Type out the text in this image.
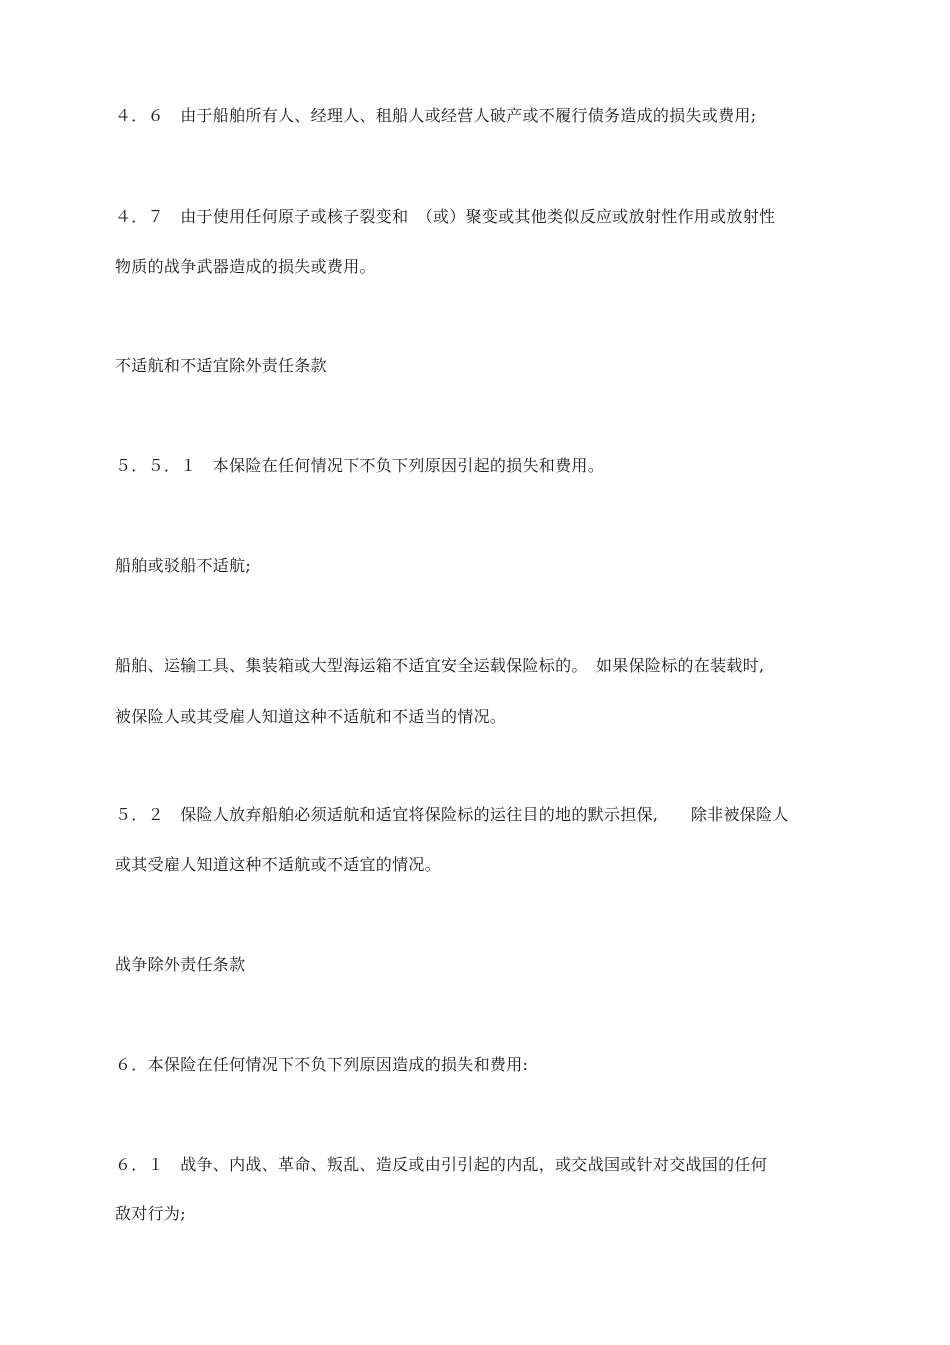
４．６　由于船舶所有人、经理人、租船人或经营人破产或不履行债务造成的损失或费用;
４．７　由于使用任何原子或核子裂变和　（或）聚变或其他类似反应或放射性作用或放射性
物质的战争武器造成的损失或费用。
不适航和不适宜除外责任条款
５．５．１　本保险在任何情况下不负下列原因引起的损失和费用。
船舶或驳船不适航;
船舶、运输工具、集装箱或大型海运箱不适宜安全运载保险标的。　如果保险标的在装载时,
被保险人或其受雇人知道这种不适航和不适当的情况。
５．２　保险人放弃船舶必须适航和适宜将保险标的运往目的地的默示担保,　　除非被保险人
或其受雇人知道这种不适航或不适宜的情况。
战争除外责任条款
６．本保险在任何情况下不负下列原因造成的损失和费用:
６．１　战争、内战、革命、叛乱、造反或由引引起的内乱，或交战国或针对交战国的任何
敌对行为;
